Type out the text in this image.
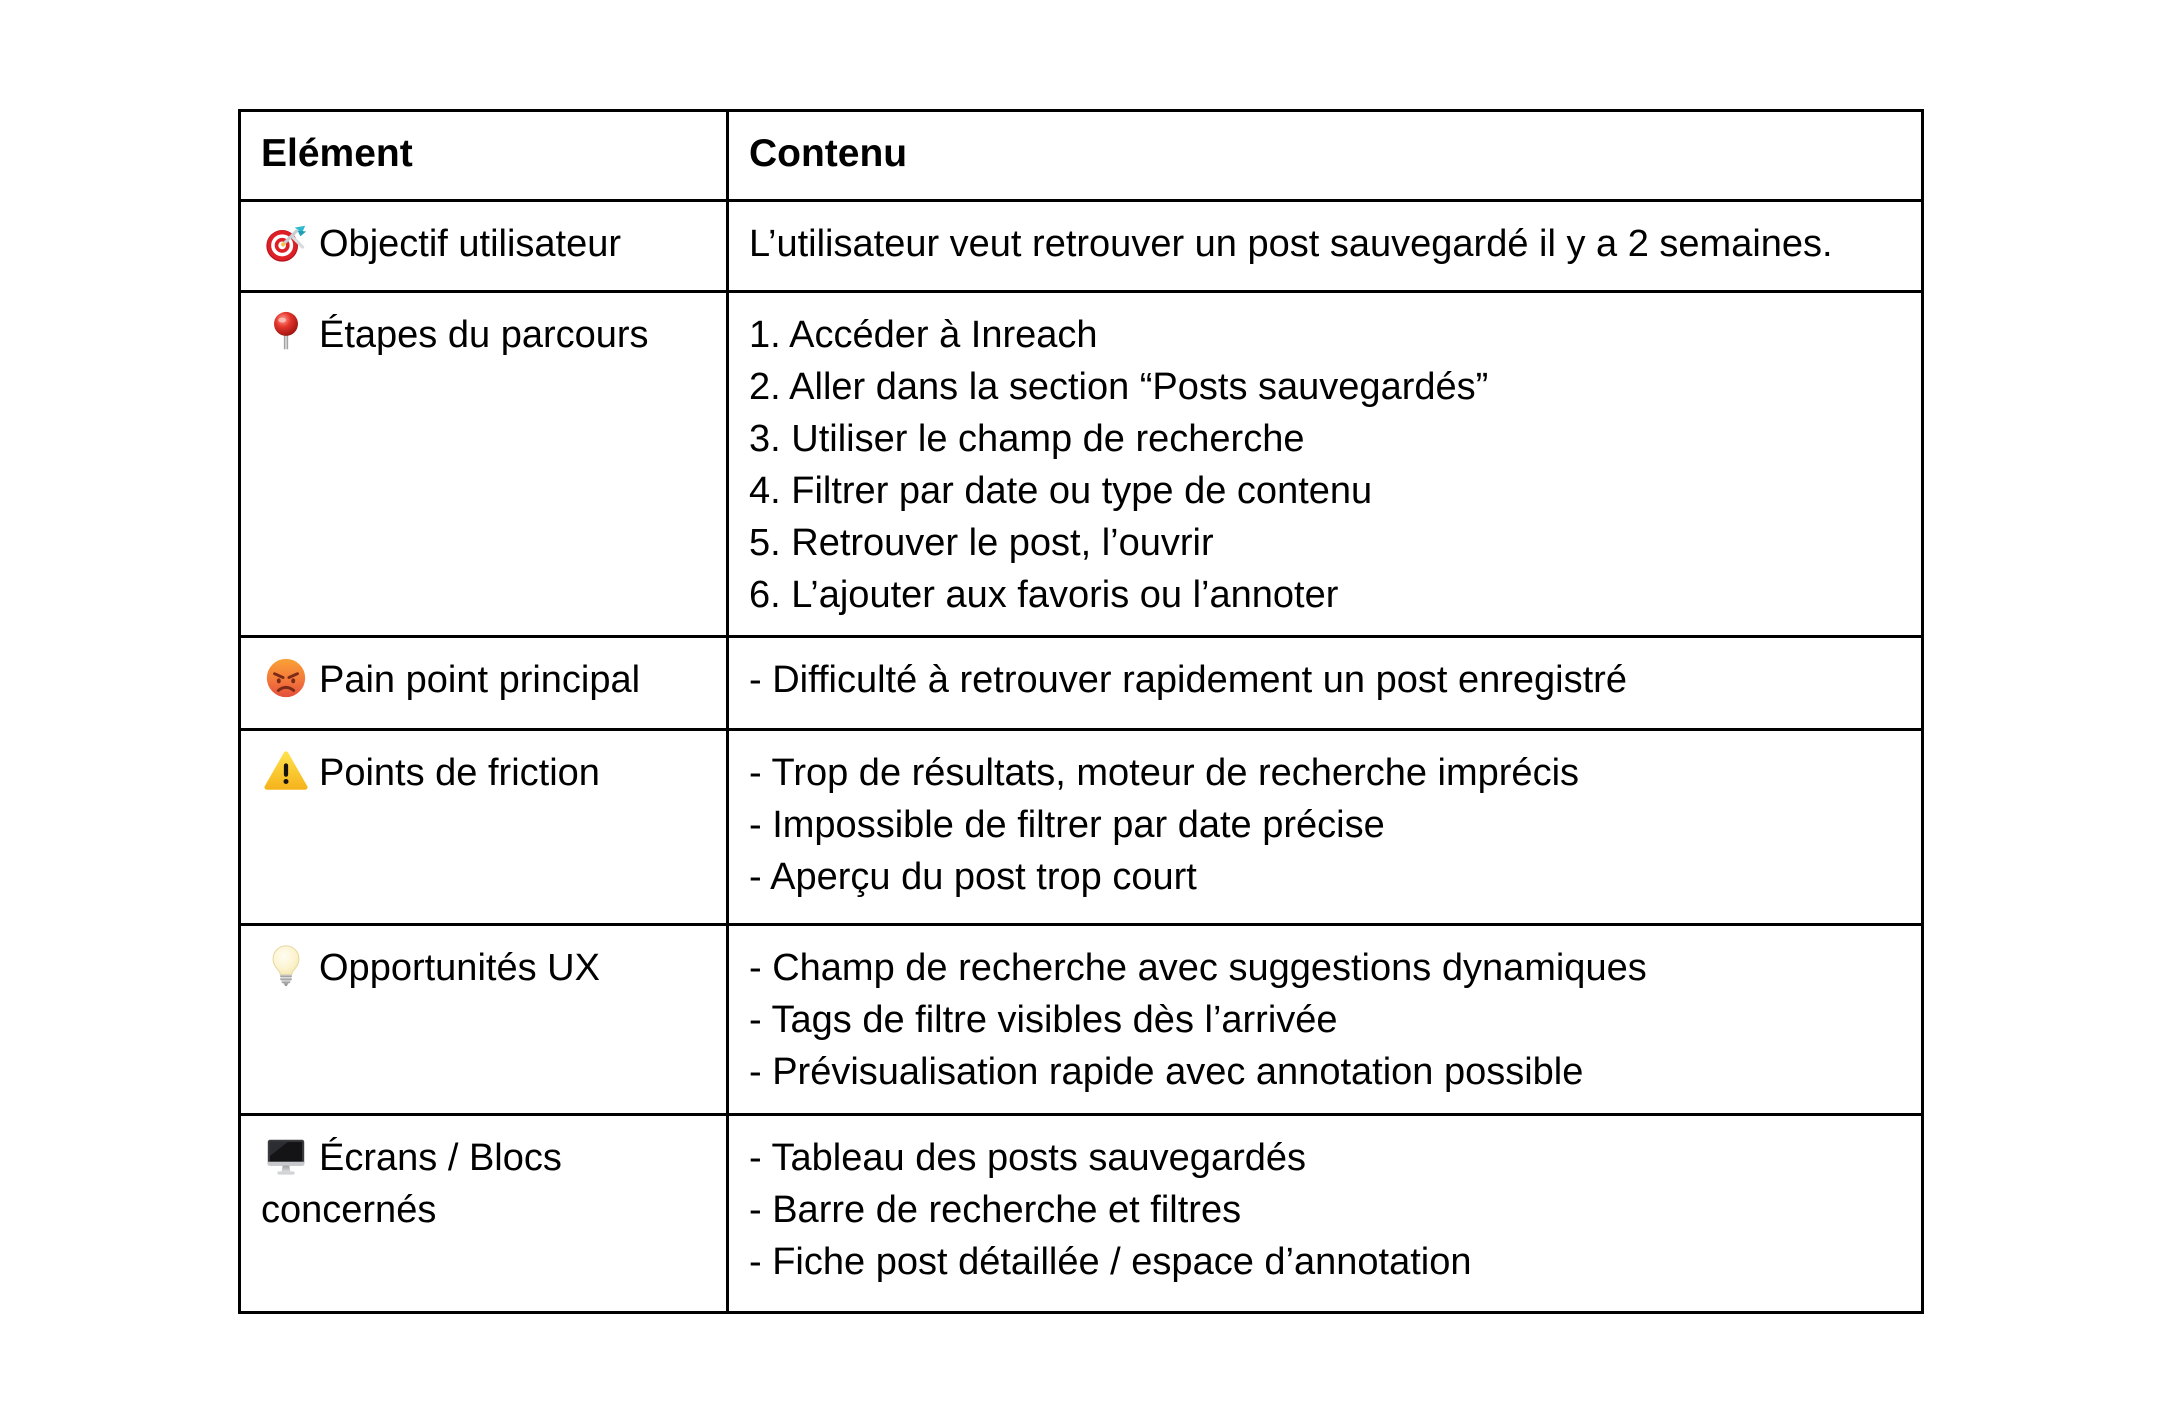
Elément	Contenu

Objectif utilisateur	L’utilisateur veut retrouver un post sauvegardé il y a 2 semaines.

Étapes du parcours	1. Accéder à Inreach
2. Aller dans la section “Posts sauvegardés”
3. Utiliser le champ de recherche
4. Filtrer par date ou type de contenu
5. Retrouver le post, l’ouvrir
6. L’ajouter aux favoris ou l’annoter

Pain point principal	- Difficulté à retrouver rapidement un post enregistré

Points de friction	- Trop de résultats, moteur de recherche imprécis
- Impossible de filtrer par date précise
- Aperçu du post trop court

Opportunités UX	- Champ de recherche avec suggestions dynamiques
- Tags de filtre visibles dès l’arrivée
- Prévisualisation rapide avec annotation possible

Écrans / Blocs concernés	- Tableau des posts sauvegardés
- Barre de recherche et filtres
- Fiche post détaillée / espace d’annotation
